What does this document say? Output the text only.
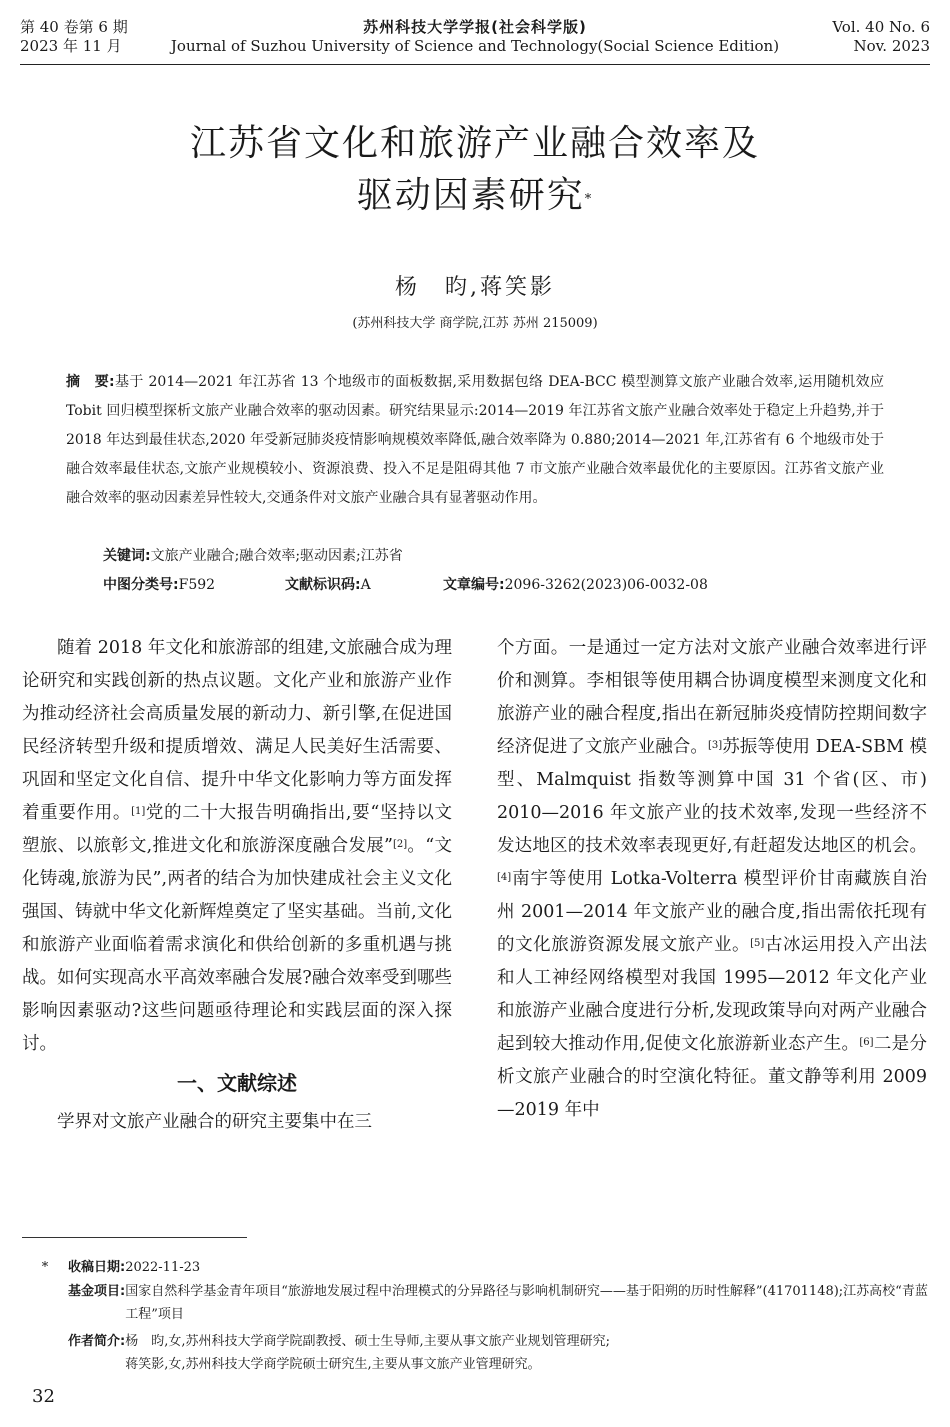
第 40 卷第 6 期
2023 年 11 月
苏州科技大学学报(社会科学版)
Journal of Suzhou University of Science and Technology(Social Science Edition)
Vol. 40 No. 6
Nov. 2023
江苏省文化和旅游产业融合效率及
驱动因素研究*
杨　昀,蒋笑影
(苏州科技大学 商学院,江苏 苏州 215009)
摘　要:基于 2014—2021 年江苏省 13 个地级市的面板数据,采用数据包络 DEA-BCC 模型测算文旅产业融合效率,运用随机效应 Tobit 回归模型探析文旅产业融合效率的驱动因素。研究结果显示:2014—2019 年江苏省文旅产业融合效率处于稳定上升趋势,并于 2018 年达到最佳状态,2020 年受新冠肺炎疫情影响规模效率降低,融合效率降为 0.880;2014—2021 年,江苏省有 6 个地级市处于融合效率最佳状态,文旅产业规模较小、资源浪费、投入不足是阻碍其他 7 市文旅产业融合效率最优化的主要原因。江苏省文旅产业融合效率的驱动因素差异性较大,交通条件对文旅产业融合具有显著驱动作用。
关键词:文旅产业融合;融合效率;驱动因素;江苏省
中图分类号:F592	文献标识码:A	文章编号:2096-3262(2023)06-0032-08

随着 2018 年文化和旅游部的组建,文旅融合成为理论研究和实践创新的热点议题。文化产业和旅游产业作为推动经济社会高质量发展的新动力、新引擎,在促进国民经济转型升级和提质增效、满足人民美好生活需要、巩固和坚定文化自信、提升中华文化影响力等方面发挥着重要作用。[1]党的二十大报告明确指出,要“坚持以文塑旅、以旅彰文,推进文化和旅游深度融合发展”[2]。“文化铸魂,旅游为民”,两者的结合为加快建成社会主义文化强国、铸就中华文化新辉煌奠定了坚实基础。当前,文化和旅游产业面临着需求演化和供给创新的多重机遇与挑战。如何实现高水平高效率融合发展?融合效率受到哪些影响因素驱动?这些问题亟待理论和实践层面的深入探讨。

一、文献综述

学界对文旅产业融合的研究主要集中在三

个方面。一是通过一定方法对文旅产业融合效率进行评价和测算。李相银等使用耦合协调度模型来测度文化和旅游产业的融合程度,指出在新冠肺炎疫情防控期间数字经济促进了文旅产业融合。[3]苏振等使用 DEA-SBM 模型、Malmquist 指数等测算中国 31 个省(区、市) 2010—2016 年文旅产业的技术效率,发现一些经济不发达地区的技术效率表现更好,有赶超发达地区的机会。[4]南宇等使用 Lotka-Volterra 模型评价甘南藏族自治州 2001—2014 年文旅产业的融合度,指出需依托现有的文化旅游资源发展文旅产业。[5]古冰运用投入产出法和人工神经网络模型对我国 1995—2012 年文化产业和旅游产业融合度进行分析,发现政策导向对两产业融合起到较大推动作用,促使文化旅游新业态产生。[6]二是分析文旅产业融合的时空演化特征。董文静等利用 2009—2019 年中

* 收稿日期:2022-11-23
基金项目: 国家自然科学基金青年项目“旅游地发展过程中治理模式的分异路径与影响机制研究——基于阳朔的历时性解释”(41701148);江苏高校“青蓝工程”项目
作者简介: 杨　昀,女,苏州科技大学商学院副教授、硕士生导师,主要从事文旅产业规划管理研究;
蒋笑影,女,苏州科技大学商学院硕士研究生,主要从事文旅产业管理研究。
32
